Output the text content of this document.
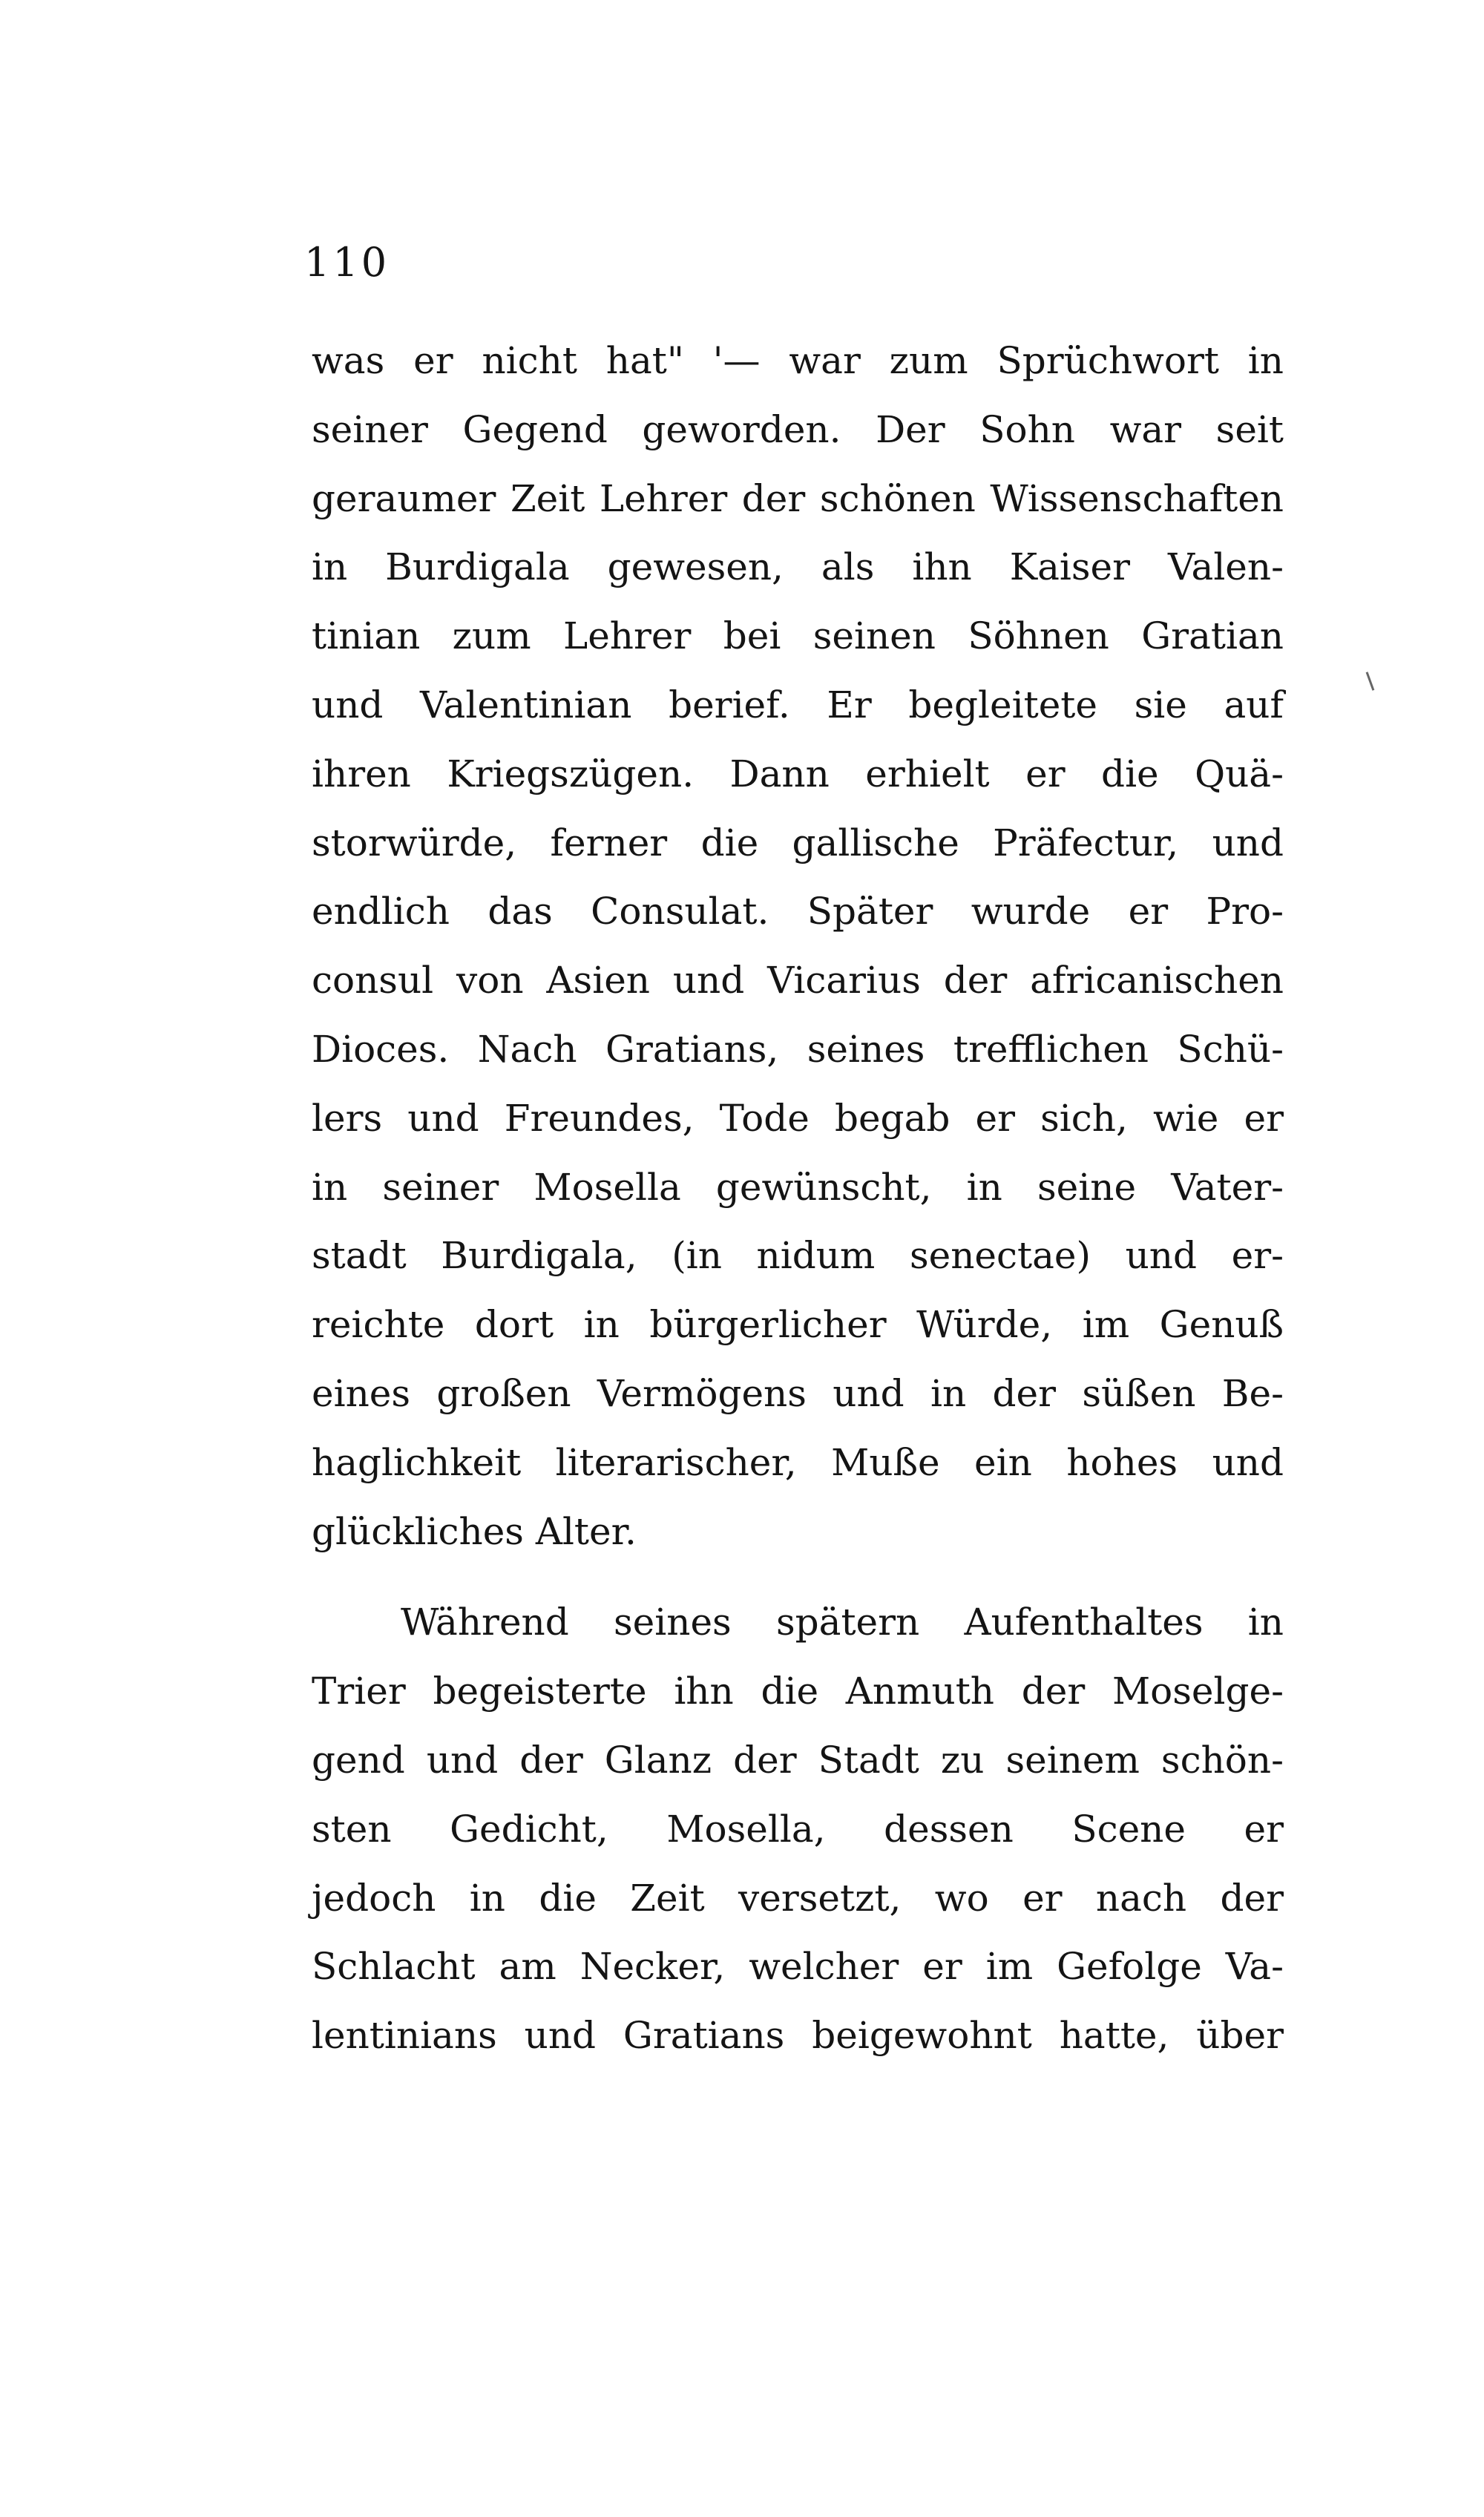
110
was er nicht hat" '— war zum Sprüchwort in
seiner Gegend geworden. Der Sohn war seit
geraumer Zeit Lehrer der schönen Wissenschaften
in Burdigala gewesen, als ihn Kaiser Valen-
tinian zum Lehrer bei seinen Söhnen Gratian
und Valentinian berief. Er begleitete sie auf
ihren Kriegszügen. Dann erhielt er die Quä-
storwürde, ferner die gallische Präfectur, und
endlich das Consulat. Später wurde er Pro-
consul von Asien und Vicarius der africanischen
Dioces. Nach Gratians, seines trefflichen Schü-
lers und Freundes, Tode begab er sich, wie er
in seiner Mosella gewünscht, in seine Vater-
stadt Burdigala, (in nidum senectae) und er-
reichte dort in bürgerlicher Würde, im Genuß
eines großen Vermögens und in der süßen Be-
haglichkeit literarischer, Muße ein hohes und
glückliches Alter.
Während seines spätern Aufenthaltes in
Trier begeisterte ihn die Anmuth der Moselge-
gend und der Glanz der Stadt zu seinem schön-
sten Gedicht, Mosella, dessen Scene er
jedoch in die Zeit versetzt, wo er nach der
Schlacht am Necker, welcher er im Gefolge Va-
lentinians und Gratians beigewohnt hatte, über
